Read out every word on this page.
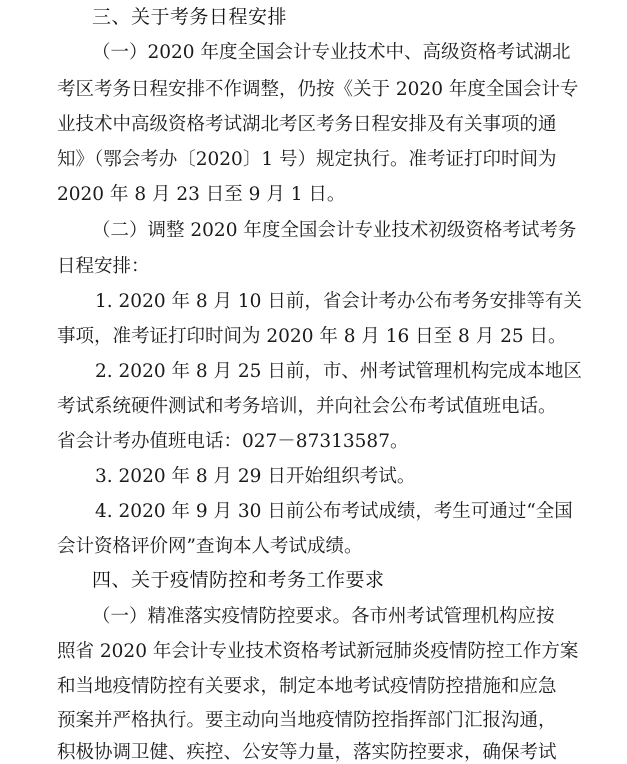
三、关于考务日程安排
（一）2020 年度全国会计专业技术中、高级资格考试湖北
考区考务日程安排不作调整，仍按《关于 2020 年度全国会计专
业技术中高级资格考试湖北考区考务日程安排及有关事项的通
知》（鄂会考办〔2020〕1 号）规定执行。准考证打印时间为
2020 年 8 月 23 日至 9 月 1 日。
（二）调整 2020 年度全国会计专业技术初级资格考试考务
日程安排：
1. 2020 年 8 月 10 日前，省会计考办公布考务安排等有关
事项，准考证打印时间为 2020 年 8 月 16 日至 8 月 25 日。
2. 2020 年 8 月 25 日前，市、州考试管理机构完成本地区
考试系统硬件测试和考务培训，并向社会公布考试值班电话。
省会计考办值班电话：027－87313587。
3. 2020 年 8 月 29 日开始组织考试。
4. 2020 年 9 月 30 日前公布考试成绩，考生可通过“全国
会计资格评价网”查询本人考试成绩。
四、关于疫情防控和考务工作要求
（一）精准落实疫情防控要求。各市州考试管理机构应按
照省 2020 年会计专业技术资格考试新冠肺炎疫情防控工作方案
和当地疫情防控有关要求，制定本地考试疫情防控措施和应急
预案并严格执行。要主动向当地疫情防控指挥部门汇报沟通，
积极协调卫健、疾控、公安等力量，落实防控要求，确保考试
